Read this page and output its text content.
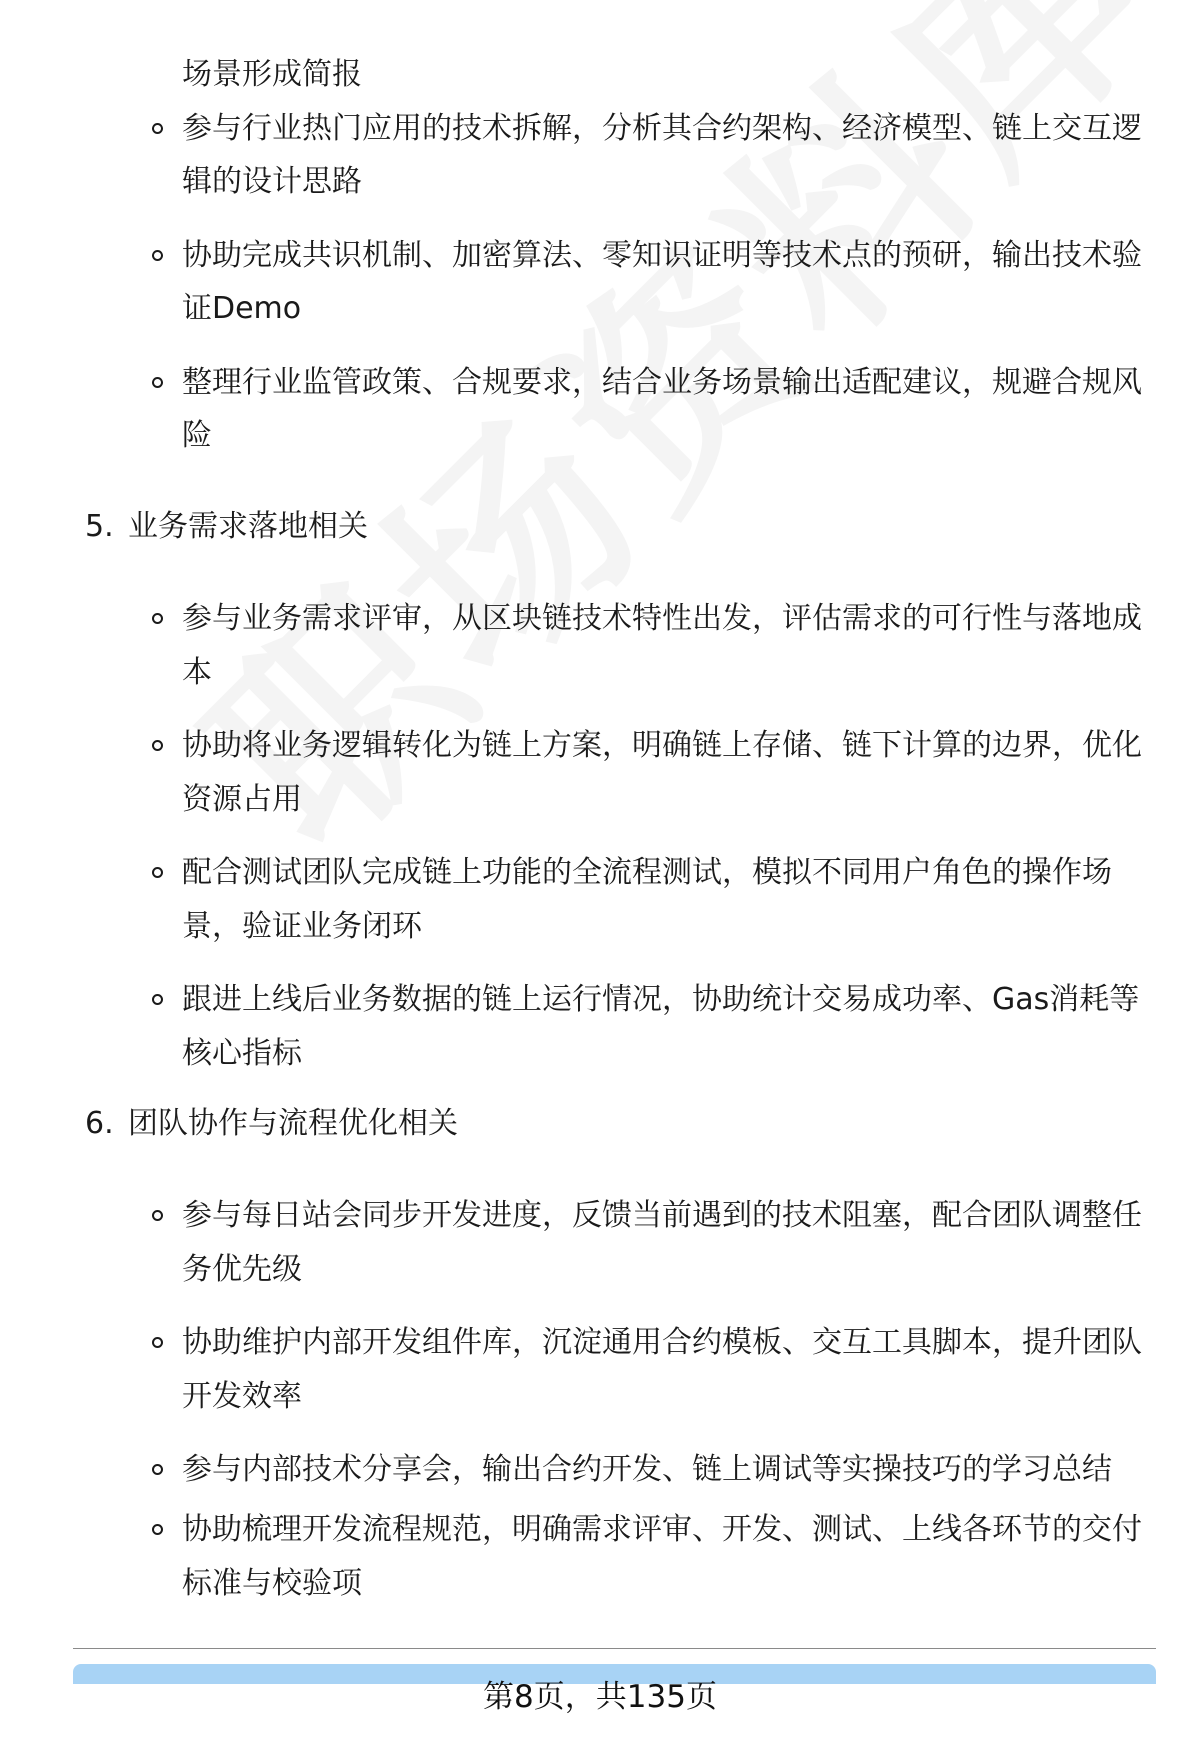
场景形成简报
参与行业热门应用的技术拆解，分析其合约架构、经济模型、链上交互逻
辑的设计思路
协助完成共识机制、加密算法、零知识证明等技术点的预研，输出技术验
证Demo
整理行业监管政策、合规要求，结合业务场景输出适配建议，规避合规风
险
5. 业务需求落地相关
参与业务需求评审，从区块链技术特性出发，评估需求的可行性与落地成
本
协助将业务逻辑转化为链上方案，明确链上存储、链下计算的边界，优化
资源占用
配合测试团队完成链上功能的全流程测试，模拟不同用户角色的操作场
景，验证业务闭环
跟进上线后业务数据的链上运行情况，协助统计交易成功率、Gas消耗等
核心指标
6. 团队协作与流程优化相关
参与每日站会同步开发进度，反馈当前遇到的技术阻塞，配合团队调整任
务优先级
协助维护内部开发组件库，沉淀通用合约模板、交互工具脚本，提升团队
开发效率
参与内部技术分享会，输出合约开发、链上调试等实操技巧的学习总结
协助梳理开发流程规范，明确需求评审、开发、测试、上线各环节的交付
标准与校验项
第8页，共135页
